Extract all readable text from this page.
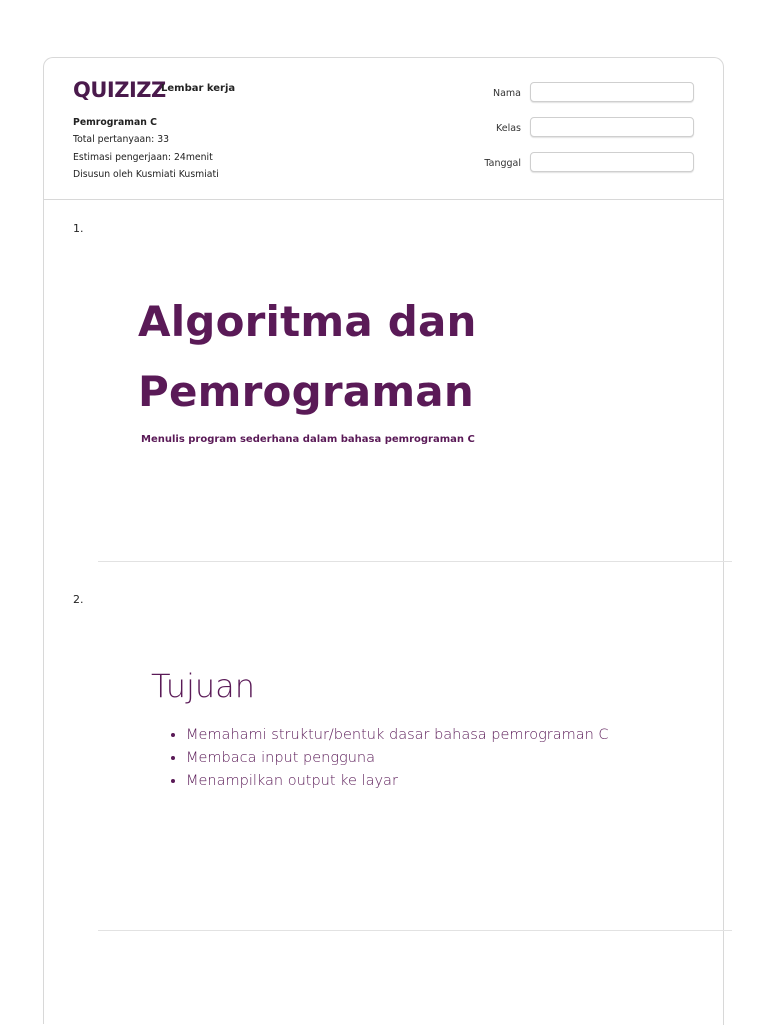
QUIZIZZ
Lembar kerja
Pemrograman C
Total pertanyaan: 33
Estimasi pengerjaan: 24menit
Disusun oleh Kusmiati Kusmiati
Nama
Kelas
Tanggal
1.
Algoritma dan
Pemrograman
Menulis program sederhana dalam bahasa pemrograman C
2.
Tujuan
• Memahami struktur/bentuk dasar bahasa pemrograman C
• Membaca input pengguna
• Menampilkan output ke layar
